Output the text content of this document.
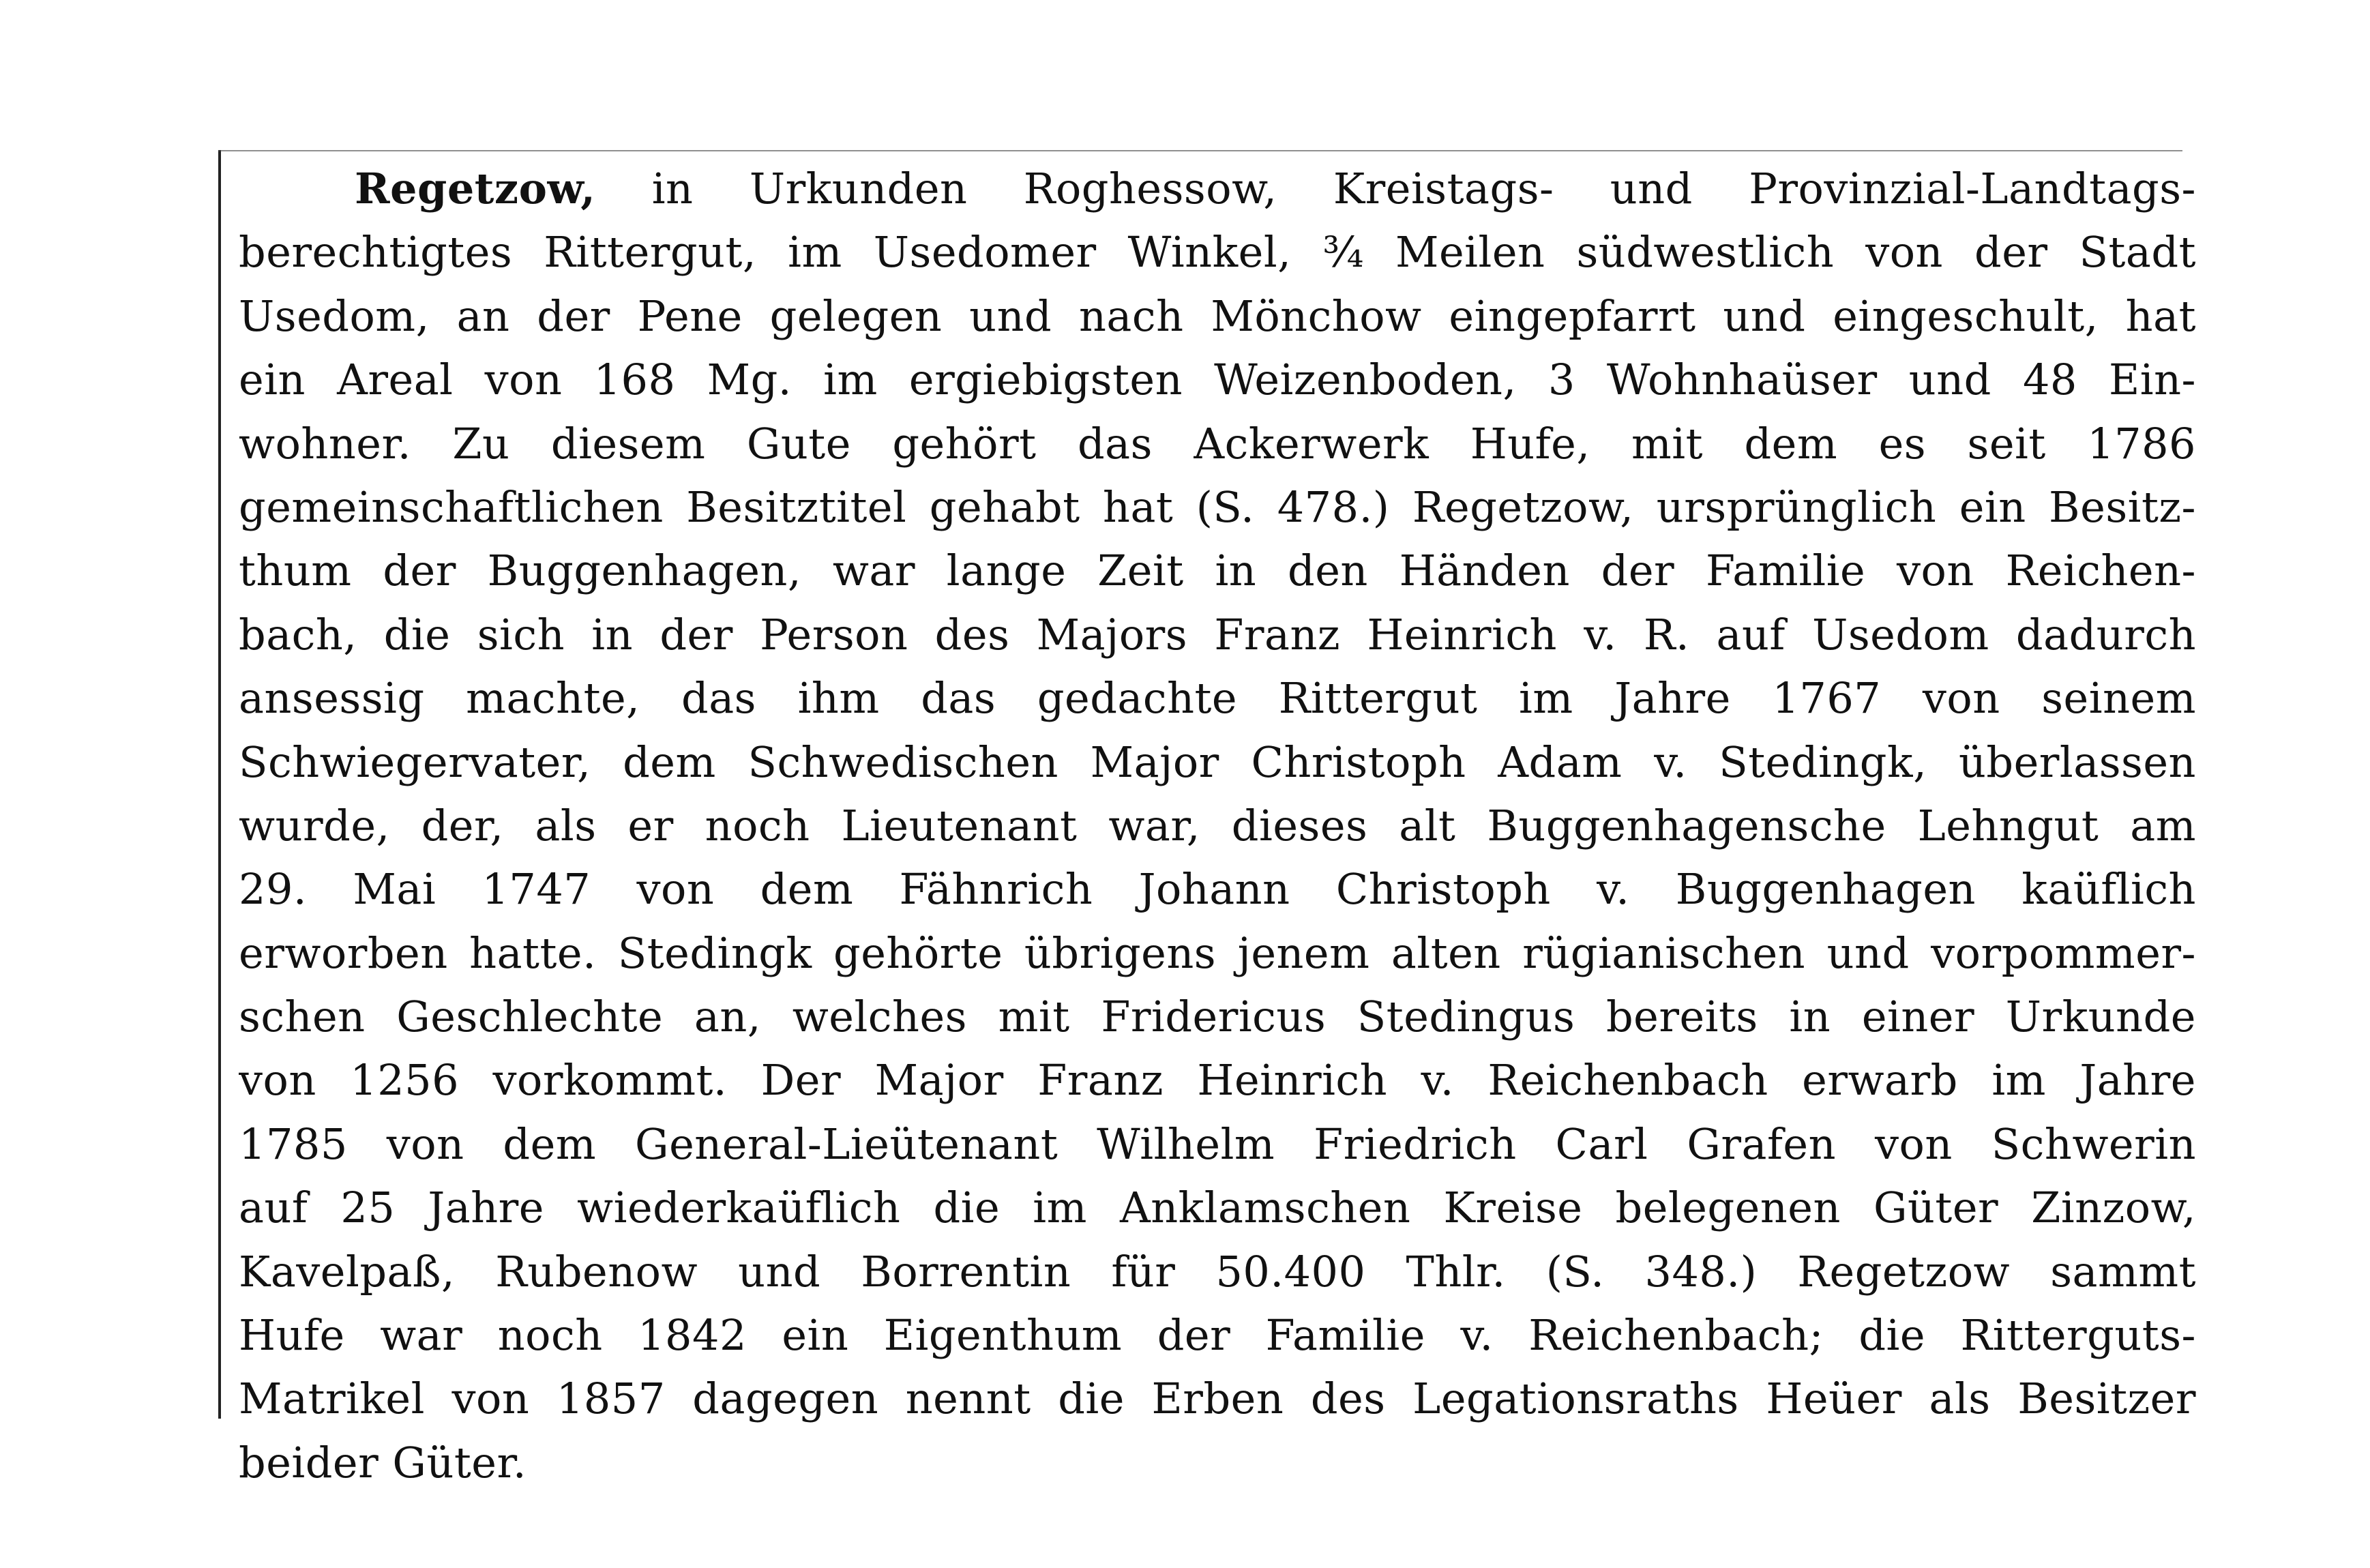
Regetzow, in Urkunden Roghessow, Kreistags- und Provinzial-Landtags-
berechtigtes Rittergut, im Usedomer Winkel, ¾ Meilen südwestlich von der Stadt
Usedom, an der Pene gelegen und nach Mönchow eingepfarrt und eingeschult, hat
ein Areal von 168 Mg. im ergiebigsten Weizenboden, 3 Wohnhaüser und 48 Ein-
wohner. Zu diesem Gute gehört das Ackerwerk Hufe, mit dem es seit 1786
gemeinschaftlichen Besitztitel gehabt hat (S. 478.) Regetzow, ursprünglich ein Besitz-
thum der Buggenhagen, war lange Zeit in den Händen der Familie von Reichen-
bach, die sich in der Person des Majors Franz Heinrich v. R. auf Usedom dadurch
ansessig machte, das ihm das gedachte Rittergut im Jahre 1767 von seinem
Schwiegervater, dem Schwedischen Major Christoph Adam v. Stedingk, überlassen
wurde, der, als er noch Lieutenant war, dieses alt Buggenhagensche Lehngut am
29. Mai 1747 von dem Fähnrich Johann Christoph v. Buggenhagen kaüflich
erworben hatte. Stedingk gehörte übrigens jenem alten rügianischen und vorpommer-
schen Geschlechte an, welches mit Fridericus Stedingus bereits in einer Urkunde
von 1256 vorkommt. Der Major Franz Heinrich v. Reichenbach erwarb im Jahre
1785 von dem General-Lieütenant Wilhelm Friedrich Carl Grafen von Schwerin
auf 25 Jahre wiederkaüflich die im Anklamschen Kreise belegenen Güter Zinzow,
Kavelpaß, Rubenow und Borrentin für 50.400 Thlr. (S. 348.) Regetzow sammt
Hufe war noch 1842 ein Eigenthum der Familie v. Reichenbach; die Ritterguts-
Matrikel von 1857 dagegen nennt die Erben des Legationsraths Heüer als Besitzer
beider Güter.
